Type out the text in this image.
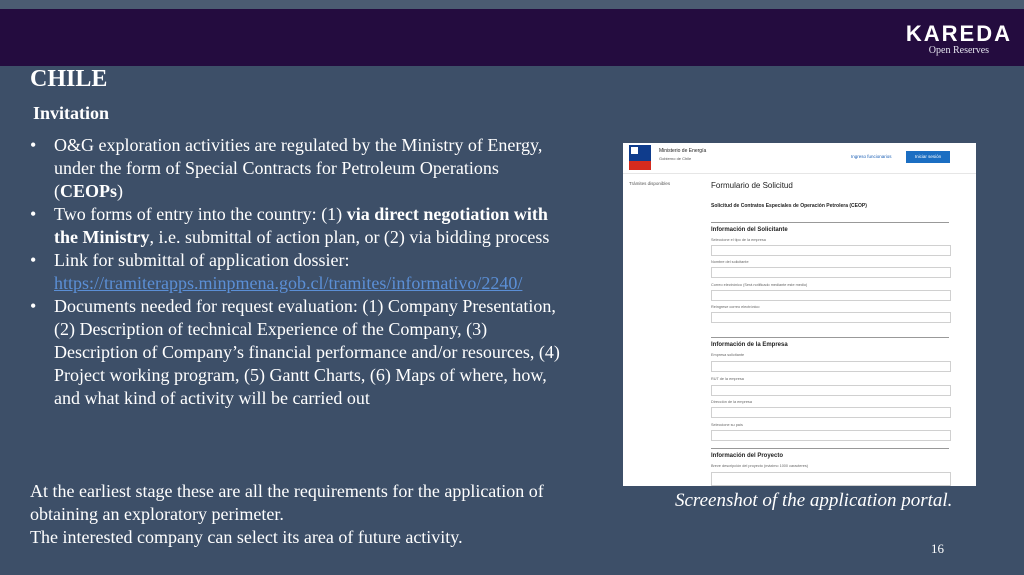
KAREDA
Open Reserves
CHILE
Invitation
• O&G exploration activities are regulated by the Ministry of Energy, under the form of Special Contracts for Petroleum Operations (CEOPs)
• Two forms of entry into the country: (1) via direct negotiation with the Ministry, i.e. submittal of action plan, or (2) via bidding process
• Link for submittal of application dossier:
https://tramiterapps.minpmena.gob.cl/tramites/informativo/2240/
• Documents needed for request evaluation: (1) Company Presentation, (2) Description of technical Experience of the Company, (3) Description of Company’s financial performance and/or resources, (4) Project working program, (5) Gantt Charts, (6) Maps of where, how, and what kind of activity will be carried out
At the earliest stage these are all the requirements for the application of obtaining an exploratory perimeter.
The interested company can select its area of future activity.
Ministerio de Energía
Gobierno de Chile	Ingreso funcionarios	Iniciar sesión
Trámites disponibles	Formulario de Solicitud
Solicitud de Contratos Especiales de Operación Petrolera (CEOP)
Información del Solicitante
Seleccione el tipo de la empresa
Nombre del solicitante
Correo electrónico (Será notificado mediante este medio)
Reingrese correo electrónico
Información de la Empresa
Empresa solicitante
RUT de la empresa
Dirección de la empresa
Seleccione su país
Información del Proyecto
Breve descripción del proyecto (máximo 1000 caracteres)
Screenshot of the application portal.
16
